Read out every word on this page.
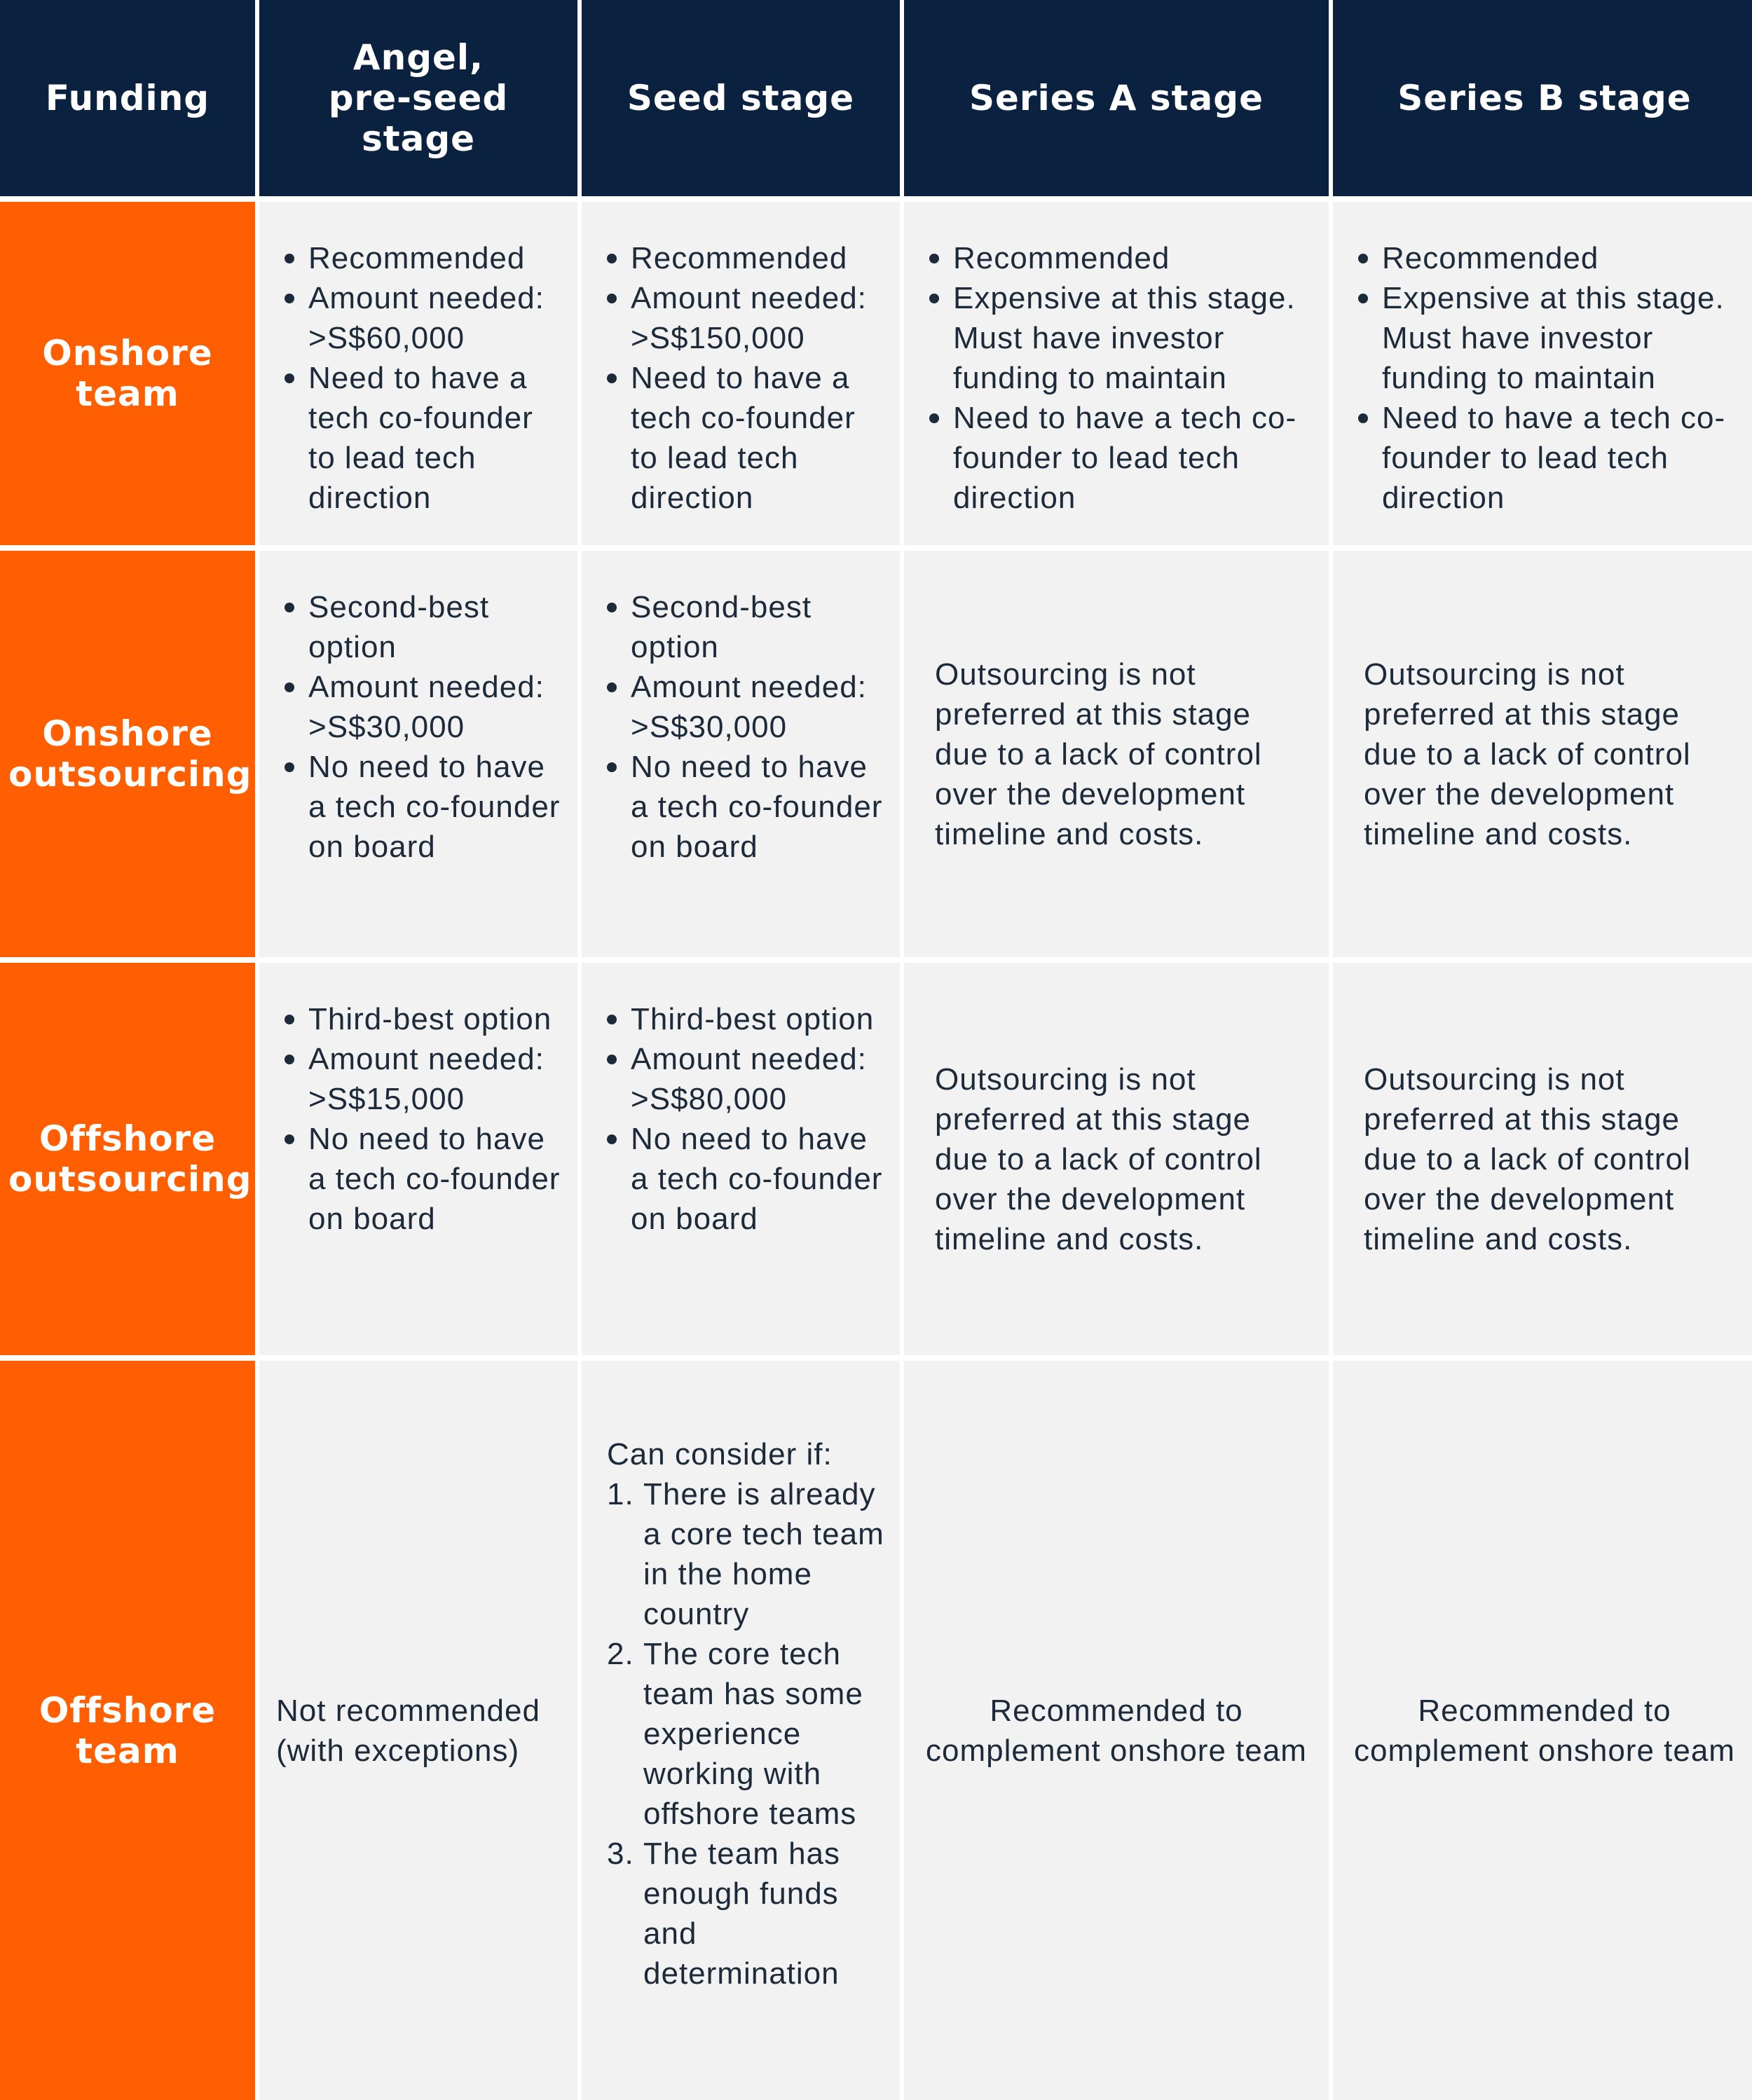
Funding
Angel, pre-seed stage
Seed stage	Series A stage	Series B stage
Onshore team
Recommended
Amount needed: >S$60,000
Need to have a tech co-founder to lead tech direction
Recommended
Amount needed: >S$150,000
Need to have a tech co-founder to lead tech direction
Recommended
Expensive at this stage. Must have investor funding to maintain
Need to have a tech co-founder to lead tech direction
Recommended
Expensive at this stage. Must have investor funding to maintain
Need to have a tech co-founder to lead tech direction
Onshore outsourcing
Second-best option
Amount needed: >S$30,000
No need to have a tech co-founder on board
Second-best option
Amount needed: >S$30,000
No need to have a tech co-founder on board
Outsourcing is not preferred at this stage due to a lack of control over the development timeline and costs.
Outsourcing is not preferred at this stage due to a lack of control over the development timeline and costs.
Offshore outsourcing
Third-best option
Amount needed: >S$15,000
No need to have a tech co-founder on board
Third-best option
Amount needed: >S$80,000
No need to have a tech co-founder on board
Outsourcing is not preferred at this stage due to a lack of control over the development timeline and costs.
Outsourcing is not preferred at this stage due to a lack of control over the development timeline and costs.
Offshore team
Not recommended (with exceptions)
Can consider if:
1. There is already a core tech team in the home country
2. The core tech team has some experience working with offshore teams
3. The team has enough funds and determination
Recommended to complement onshore team
Recommended to complement onshore team
